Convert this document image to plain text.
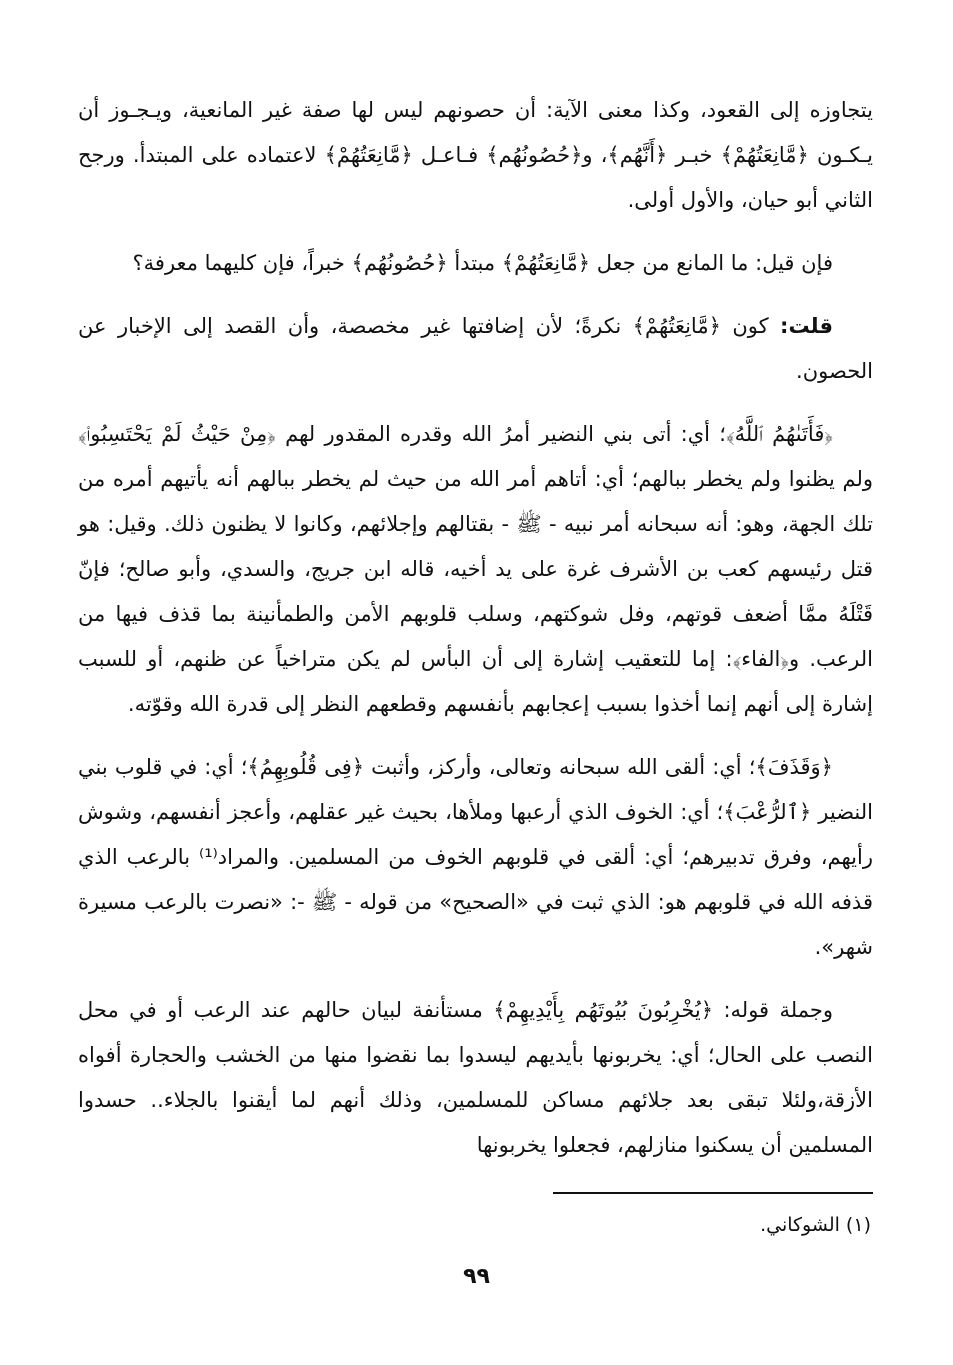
يتجاوزه إلى القعود، وكذا معنى الآية: أن حصونهم ليس لها صفة غير المانعية، ويـجـوز أن يـكـون ﴿مَّانِعَتُهُمْ﴾ خبـر ﴿أَنَّهُم﴾، و﴿حُصُونُهُم﴾ فـاعـل ﴿مَّانِعَتُهُمْ﴾ لاعتماده على المبتدأ. ورجح الثاني أبو حيان، والأول أولى.

فإن قيل: ما المانع من جعل ﴿مَّانِعَتُهُمْ﴾ مبتدأ ﴿حُصُونُهُم﴾ خبراً، فإن كليهما معرفة؟

قلت: كون ﴿مَّانِعَتُهُمْ﴾ نكرةً؛ لأن إضافتها غير مخصصة، وأن القصد إلى الإخبار عن الحصون.

﴿فَأَتَىٰهُمُ ٱللَّهُ﴾؛ أي: أتى بني النضير أمرُ الله وقدره المقدور لهم ﴿مِنْ حَيْثُ لَمْ يَحْتَسِبُوا۟﴾ ولم يظنوا ولم يخطر ببالهم؛ أي: أتاهم أمر الله من حيث لم يخطر ببالهم أنه يأتيهم أمره من تلك الجهة، وهو: أنه سبحانه أمر نبيه - ﷺ - بقتالهم وإجلائهم، وكانوا لا يظنون ذلك. وقيل: هو قتل رئيسهم كعب بن الأشرف غرة على يد أخيه، قاله ابن جريج، والسدي، وأبو صالح؛ فإنّ قَتْلَهُ ممَّا أضعف قوتهم، وفل شوكتهم، وسلب قلوبهم الأمن والطمأنينة بما قذف فيها من الرعب. و﴿الفاء﴾: إما للتعقيب إشارة إلى أن البأس لم يكن متراخياً عن ظنهم، أو للسبب إشارة إلى أنهم إنما أخذوا بسبب إعجابهم بأنفسهم وقطعهم النظر إلى قدرة الله وقوّته.

﴿وَقَذَفَ﴾؛ أي: ألقى الله سبحانه وتعالى، وأركز، وأثبت ﴿فِى قُلُوبِهِمُ﴾؛ أي: في قلوب بني النضير ﴿ٱلرُّعْبَ﴾؛ أي: الخوف الذي أرعبها وملأها، بحيث غير عقلهم، وأعجز أنفسهم، وشوش رأيهم، وفرق تدبيرهم؛ أي: ألقى في قلوبهم الخوف من المسلمين. والمراد⁽¹⁾ بالرعب الذي قذفه الله في قلوبهم هو: الذي ثبت في «الصحيح» من قوله - ﷺ -: «نصرت بالرعب مسيرة شهر».

وجملة قوله: ﴿يُخْرِبُونَ بُيُوتَهُم بِأَيْدِيهِمْ﴾ مستأنفة لبيان حالهم عند الرعب أو في محل النصب على الحال؛ أي: يخربونها بأيديهم ليسدوا بما نقضوا منها من الخشب والحجارة أفواه الأزقة،ولئلا تبقى بعد جلائهم مساكن للمسلمين، وذلك أنهم لما أيقنوا بالجلاء.. حسدوا المسلمين أن يسكنوا منازلهم، فجعلوا يخربونها

(١) الشوكاني.
٩٩
